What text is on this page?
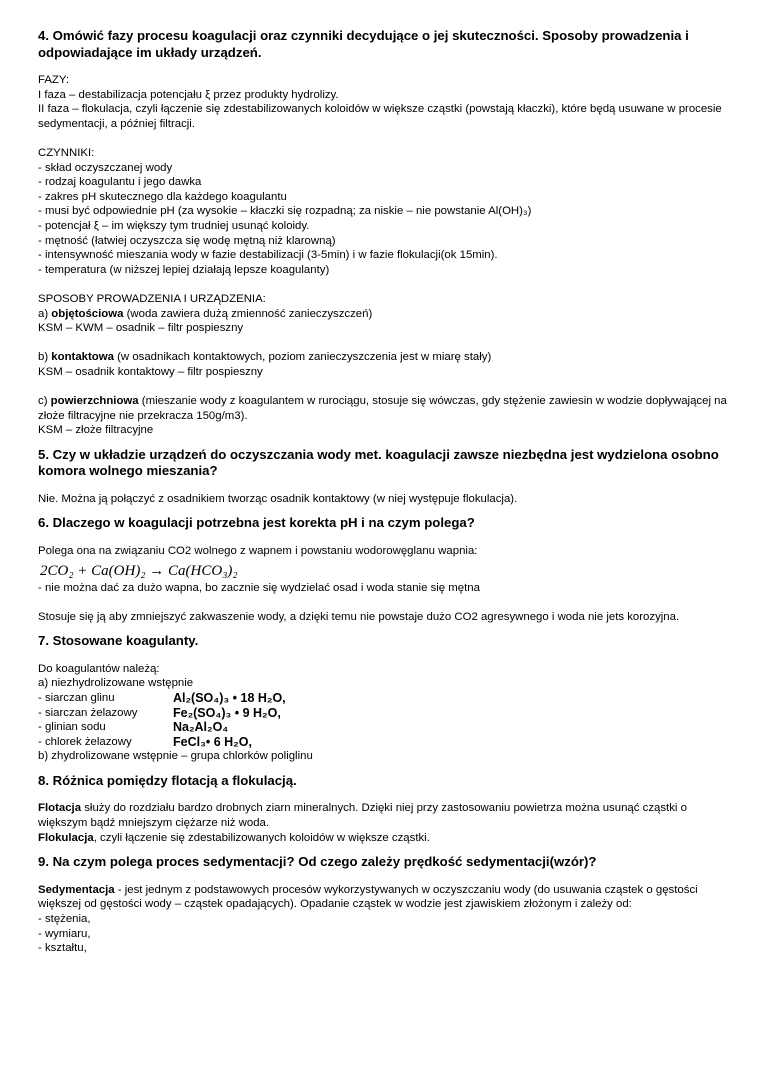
4. Omówić fazy procesu koagulacji oraz czynniki decydujące o jej skuteczności. Sposoby prowadzenia i odpowiadające im układy urządzeń.

FAZY:

I faza – destabilizacja potencjału ξ przez produkty hydrolizy.

II faza – flokulacja, czyli łączenie się zdestabilizowanych koloidów w większe cząstki (powstają kłaczki), które będą usuwane w procesie sedymentacji, a później filtracji.

CZYNNIKI:

- skład oczyszczanej wody

- rodzaj koagulantu i jego dawka

- zakres pH skutecznego dla każdego koagulantu

- musi być odpowiednie pH (za wysokie – kłaczki się rozpadną; za niskie – nie powstanie Al(OH)₃)

- potencjał ξ – im większy tym trudniej usunąć koloidy.

- mętność (łatwiej oczyszcza się wodę mętną niż klarowną)

- intensywność mieszania wody w fazie destabilizacji (3-5min) i w fazie flokulacji(ok 15min).

- temperatura (w niższej lepiej działają lepsze koagulanty)

SPOSOBY PROWADZENIA I URZĄDZENIA:

a) objętościowa (woda zawiera dużą zmienność zanieczyszczeń)

KSM – KWM – osadnik – filtr pospieszny

b) kontaktowa (w osadnikach kontaktowych, poziom zanieczyszczenia jest w miarę stały)

KSM – osadnik kontaktowy – filtr pospieszny

c) powierzchniowa (mieszanie wody z koagulantem w rurociągu, stosuje się wówczas, gdy stężenie zawiesin w wodzie dopływającej na złoże filtracyjne nie przekracza 150g/m3).

KSM – złoże filtracyjne

5. Czy w układzie urządzeń do oczyszczania wody met. koagulacji zawsze niezbędna jest wydzielona osobno komora wolnego mieszania?

Nie. Można ją połączyć z osadnikiem tworząc osadnik kontaktowy (w niej występuje flokulacja).

6. Dlaczego w koagulacji potrzebna jest korekta pH i na czym polega?

Polega ona na związaniu CO2 wolnego z wapnem i powstaniu wodorowęglanu wapnia:

2CO₂ + Ca(OH)₂ → Ca(HCO₃)₂

- nie można dać za dużo wapna, bo zacznie się wydzielać osad i woda stanie się mętna

Stosuje się ją aby zmniejszyć zakwaszenie wody, a dzięki temu nie powstaje dużo CO2 agresywnego i woda nie jets korozyjna.

7. Stosowane koagulanty.

Do koagulantów należą:

a) niezhydrolizowane wstępnie

- siarczan glinu	Al₂(SO₄)₃ • 18 H₂O,
- siarczan żelazowy	Fe₂(SO₄)₃ • 9 H₂O,
- glinian sodu	Na₂Al₂O₄
- chlorek żelazowy	FeCl₃• 6 H₂O,

b) zhydrolizowane wstępnie – grupa chlorków poliglinu

8. Różnica pomiędzy flotacją a flokulacją.

Flotacja służy do rozdziału bardzo drobnych ziarn mineralnych. Dzięki niej przy zastosowaniu powietrza można usunąć cząstki o większym bądź mniejszym ciężarze niż woda.

Flokulacja, czyli łączenie się zdestabilizowanych koloidów w większe cząstki.

9. Na czym polega proces sedymentacji? Od czego zależy prędkość sedymentacji(wzór)?

Sedymentacja - jest jednym z podstawowych procesów wykorzystywanych w oczyszczaniu wody (do usuwania cząstek o gęstości większej od gęstości wody – cząstek opadających). Opadanie cząstek w wodzie jest zjawiskiem złożonym i zależy od:

- stężenia,

- wymiaru,

- kształtu,
